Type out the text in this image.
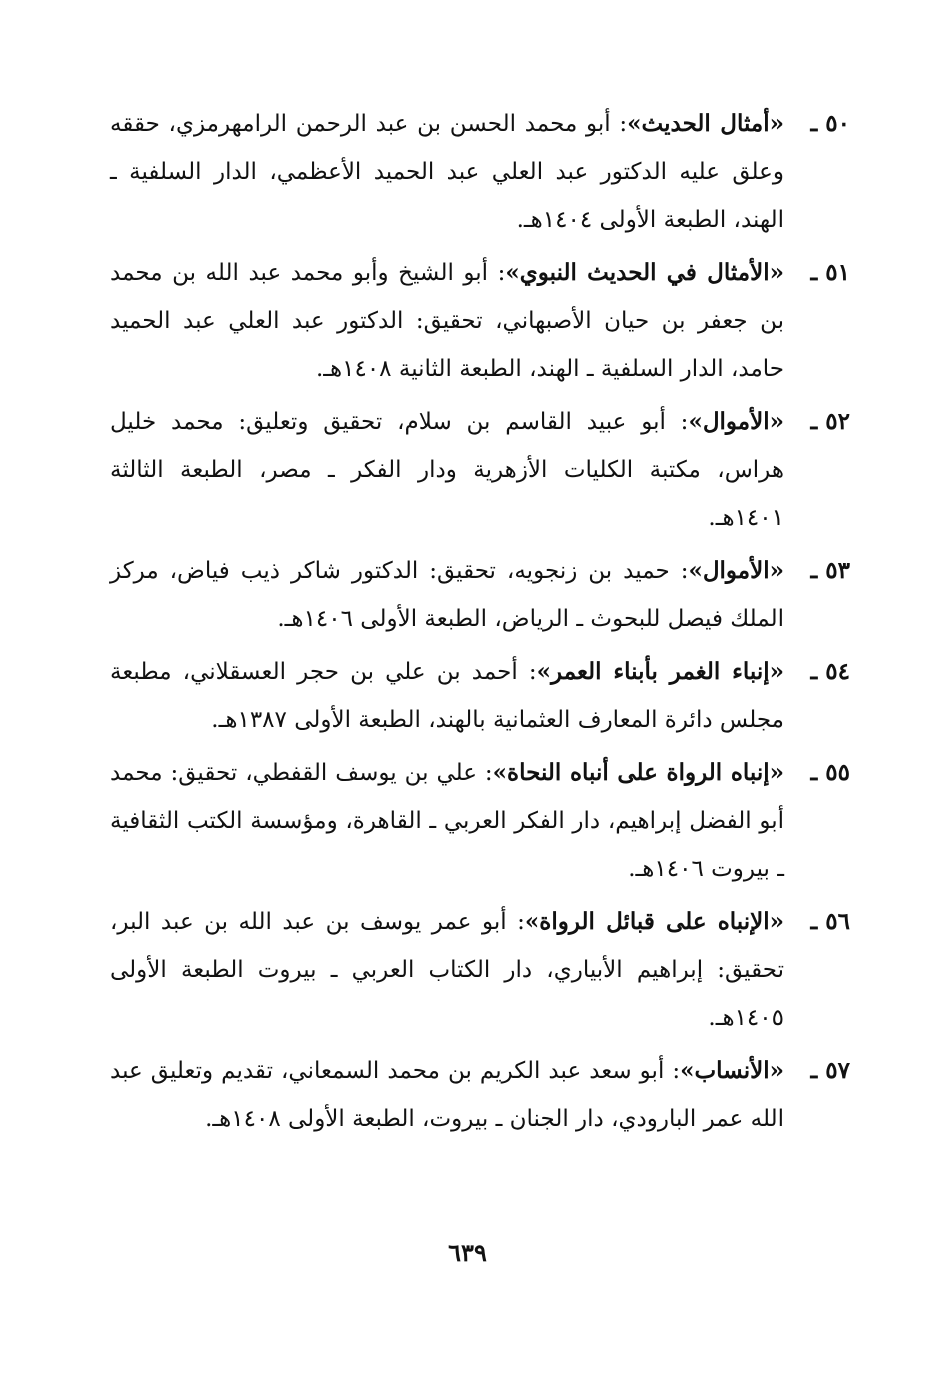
٥٠ ـ
«أمثال الحديث»: أبو محمد الحسن بن عبد الرحمن الرامهرمزي، حققه وعلق عليه الدكتور عبد العلي عبد الحميد الأعظمي، الدار السلفية ـ الهند، الطبعة الأولى ١٤٠٤هـ.
٥١ ـ
«الأمثال في الحديث النبوي»: أبو الشيخ وأبو محمد عبد الله بن محمد بن جعفر بن حيان الأصبهاني، تحقيق: الدكتور عبد العلي عبد الحميد حامد، الدار السلفية ـ الهند، الطبعة الثانية ١٤٠٨هـ.
٥٢ ـ
«الأموال»: أبو عبيد القاسم بن سلام، تحقيق وتعليق: محمد خليل هراس، مكتبة الكليات الأزهرية ودار الفكر ـ مصر، الطبعة الثالثة ١٤٠١هـ.
٥٣ ـ
«الأموال»: حميد بن زنجويه، تحقيق: الدكتور شاكر ذيب فياض، مركز الملك فيصل للبحوث ـ الرياض، الطبعة الأولى ١٤٠٦هـ.
٥٤ ـ
«إنباء الغمر بأبناء العمر»: أحمد بن علي بن حجر العسقلاني، مطبعة مجلس دائرة المعارف العثمانية بالهند، الطبعة الأولى ١٣٨٧هـ.
٥٥ ـ
«إنباه الرواة على أنباه النحاة»: علي بن يوسف القفطي، تحقيق: محمد أبو الفضل إبراهيم، دار الفكر العربي ـ القاهرة، ومؤسسة الكتب الثقافية ـ بيروت ١٤٠٦هـ.
٥٦ ـ
«الإنباه على قبائل الرواة»: أبو عمر يوسف بن عبد الله بن عبد البر، تحقيق: إبراهيم الأبياري، دار الكتاب العربي ـ بيروت الطبعة الأولى ١٤٠٥هـ.
٥٧ ـ
«الأنساب»: أبو سعد عبد الكريم بن محمد السمعاني، تقديم وتعليق عبد الله عمر البارودي، دار الجنان ـ بيروت، الطبعة الأولى ١٤٠٨هـ.
٦٣٩
